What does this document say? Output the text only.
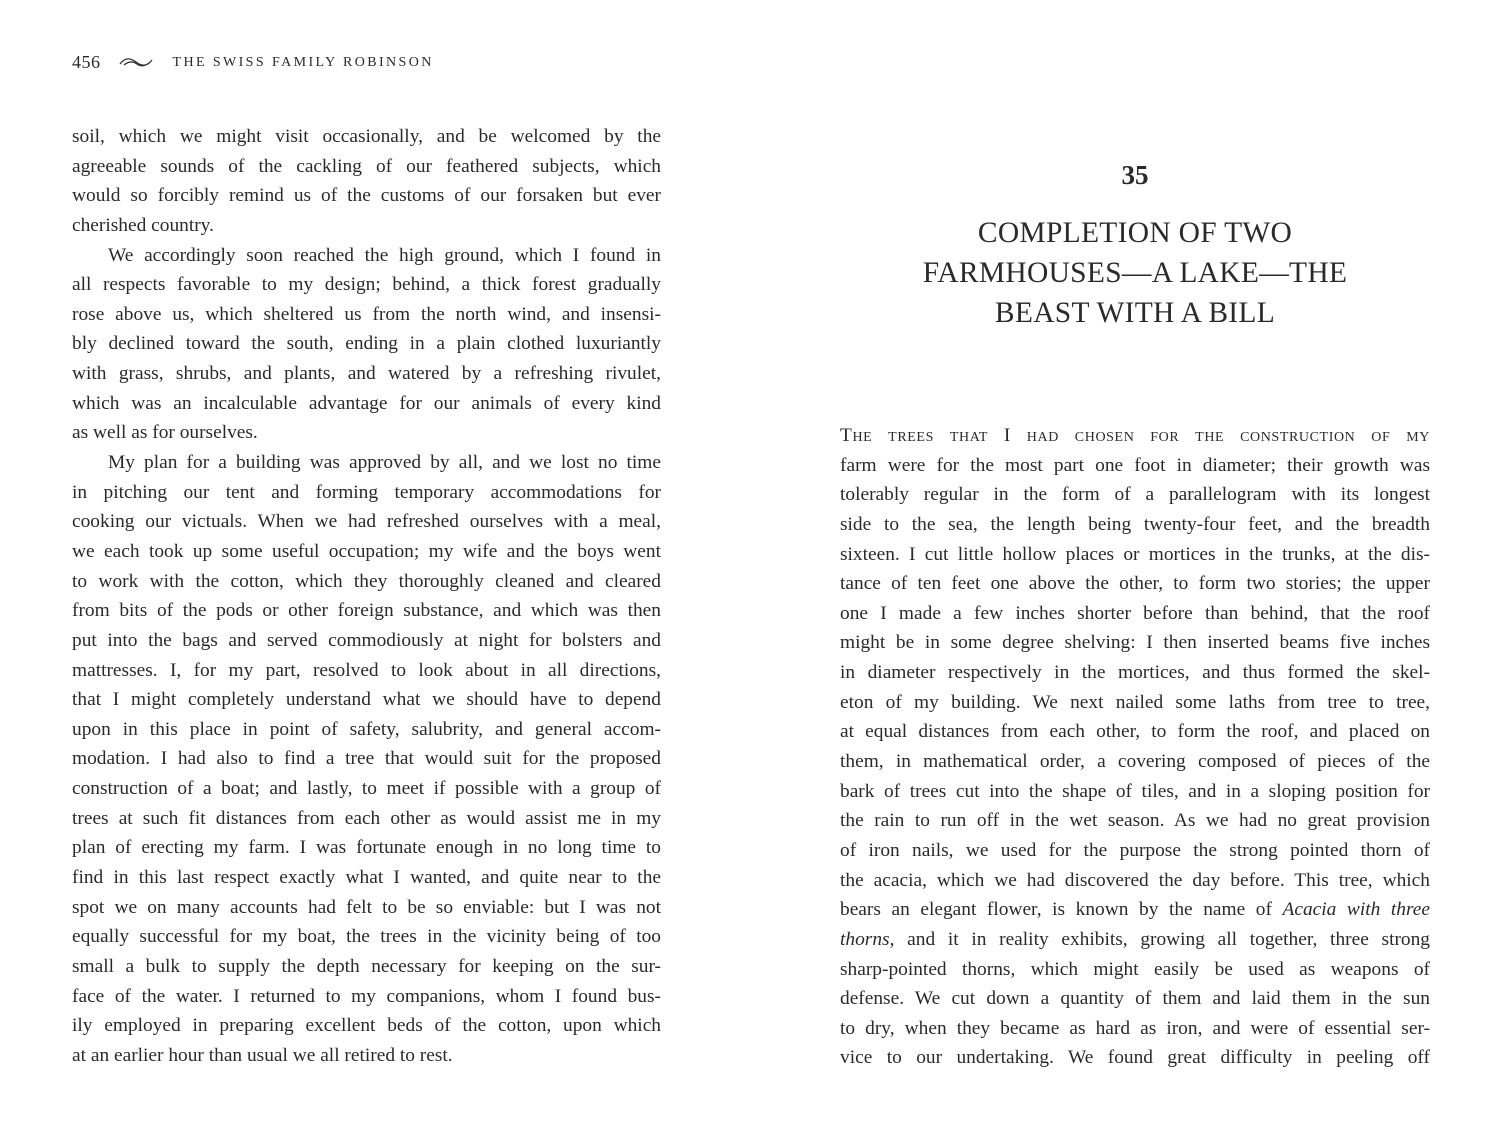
456	THE SWISS FAMILY ROBINSON
soil, which we might visit occasionally, and be welcomed by the
agreeable sounds of the cackling of our feathered subjects, which
would so forcibly remind us of the customs of our forsaken but ever
cherished country.
We accordingly soon reached the high ground, which I found in
all respects favorable to my design; behind, a thick forest gradually
rose above us, which sheltered us from the north wind, and insensi-
bly declined toward the south, ending in a plain clothed luxuriantly
with grass, shrubs, and plants, and watered by a refreshing rivulet,
which was an incalculable advantage for our animals of every kind
as well as for ourselves.
My plan for a building was approved by all, and we lost no time
in pitching our tent and forming temporary accommodations for
cooking our victuals. When we had refreshed ourselves with a meal,
we each took up some useful occupation; my wife and the boys went
to work with the cotton, which they thoroughly cleaned and cleared
from bits of the pods or other foreign substance, and which was then
put into the bags and served commodiously at night for bolsters and
mattresses. I, for my part, resolved to look about in all directions,
that I might completely understand what we should have to depend
upon in this place in point of safety, salubrity, and general accom-
modation. I had also to find a tree that would suit for the proposed
construction of a boat; and lastly, to meet if possible with a group of
trees at such fit distances from each other as would assist me in my
plan of erecting my farm. I was fortunate enough in no long time to
find in this last respect exactly what I wanted, and quite near to the
spot we on many accounts had felt to be so enviable: but I was not
equally successful for my boat, the trees in the vicinity being of too
small a bulk to supply the depth necessary for keeping on the sur-
face of the water. I returned to my companions, whom I found bus-
ily employed in preparing excellent beds of the cotton, upon which
at an earlier hour than usual we all retired to rest.
35
COMPLETION OF TWO
FARMHOUSES—A LAKE—THE
BEAST WITH A BILL
The trees that I had chosen for the construction of my
farm were for the most part one foot in diameter; their growth was
tolerably regular in the form of a parallelogram with its longest
side to the sea, the length being twenty-four feet, and the breadth
sixteen. I cut little hollow places or mortices in the trunks, at the dis-
tance of ten feet one above the other, to form two stories; the upper
one I made a few inches shorter before than behind, that the roof
might be in some degree shelving: I then inserted beams five inches
in diameter respectively in the mortices, and thus formed the skel-
eton of my building. We next nailed some laths from tree to tree,
at equal distances from each other, to form the roof, and placed on
them, in mathematical order, a covering composed of pieces of the
bark of trees cut into the shape of tiles, and in a sloping position for
the rain to run off in the wet season. As we had no great provision
of iron nails, we used for the purpose the strong pointed thorn of
the acacia, which we had discovered the day before. This tree, which
bears an elegant flower, is known by the name of Acacia with three
thorns, and it in reality exhibits, growing all together, three strong
sharp-pointed thorns, which might easily be used as weapons of
defense. We cut down a quantity of them and laid them in the sun
to dry, when they became as hard as iron, and were of essential ser-
vice to our undertaking. We found great difficulty in peeling off
